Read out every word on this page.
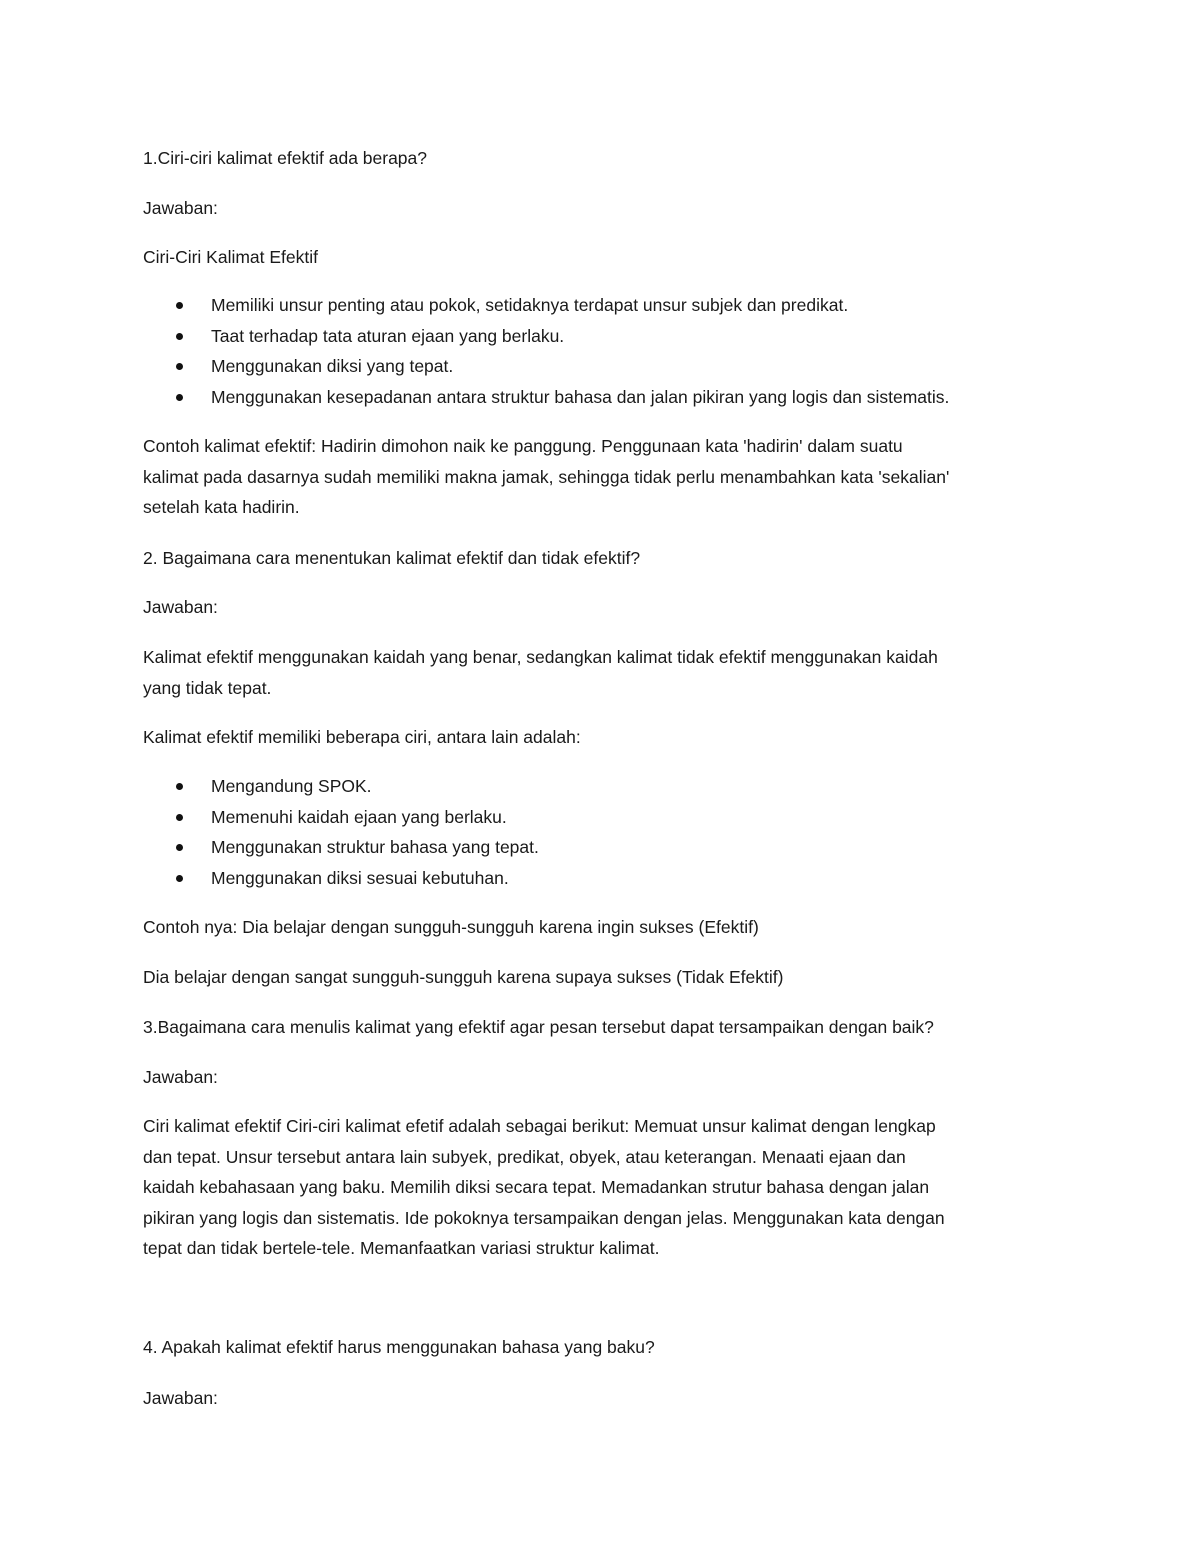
1.Ciri-ciri kalimat efektif ada berapa?

Jawaban:

Ciri-Ciri Kalimat Efektif

Memiliki unsur penting atau pokok, setidaknya terdapat unsur subjek dan predikat.
Taat terhadap tata aturan ejaan yang berlaku.
Menggunakan diksi yang tepat.
Menggunakan kesepadanan antara struktur bahasa dan jalan pikiran yang logis dan sistematis.
Contoh kalimat efektif: Hadirin dimohon naik ke panggung. Penggunaan kata 'hadirin' dalam suatu
kalimat pada dasarnya sudah memiliki makna jamak, sehingga tidak perlu menambahkan kata 'sekalian'
setelah kata hadirin.

2. Bagaimana cara menentukan kalimat efektif dan tidak efektif?

Jawaban:

Kalimat efektif menggunakan kaidah yang benar, sedangkan kalimat tidak efektif menggunakan kaidah
yang tidak tepat.

Kalimat efektif memiliki beberapa ciri, antara lain adalah:

Mengandung SPOK.
Memenuhi kaidah ejaan yang berlaku.
Menggunakan struktur bahasa yang tepat.
Menggunakan diksi sesuai kebutuhan.

Contoh nya: Dia belajar dengan sungguh-sungguh karena ingin sukses (Efektif)

Dia belajar dengan sangat sungguh-sungguh karena supaya sukses (Tidak Efektif)

3.Bagaimana cara menulis kalimat yang efektif agar pesan tersebut dapat tersampaikan dengan baik?

Jawaban:

Ciri kalimat efektif Ciri-ciri kalimat efetif adalah sebagai berikut: Memuat unsur kalimat dengan lengkap
dan tepat. Unsur tersebut antara lain subyek, predikat, obyek, atau keterangan. Menaati ejaan dan
kaidah kebahasaan yang baku. Memilih diksi secara tepat. Memadankan strutur bahasa dengan jalan
pikiran yang logis dan sistematis. Ide pokoknya tersampaikan dengan jelas. Menggunakan kata dengan
tepat dan tidak bertele-tele. Memanfaatkan variasi struktur kalimat.

4. Apakah kalimat efektif harus menggunakan bahasa yang baku?

Jawaban:
